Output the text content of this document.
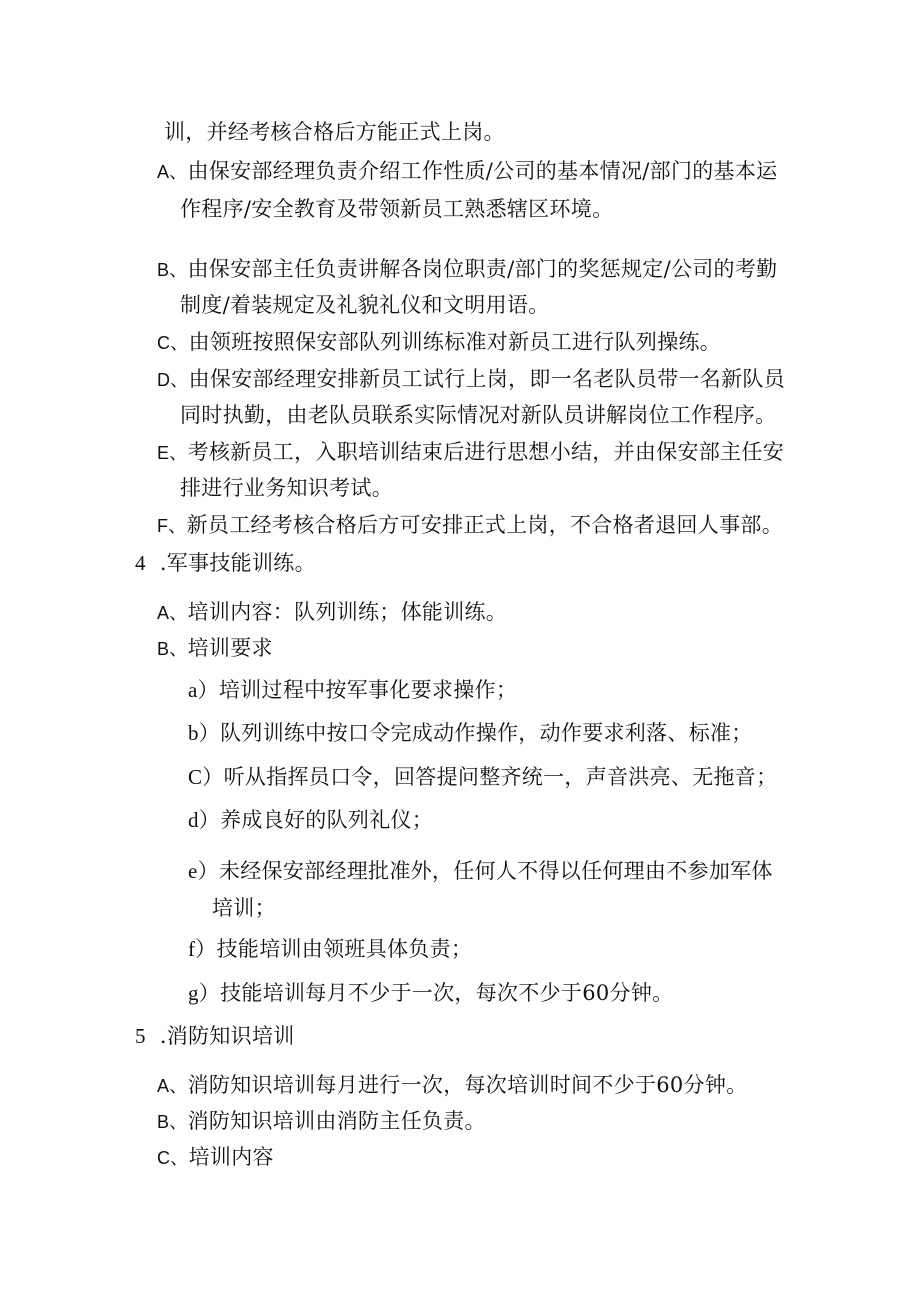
训，并经考核合格后方能正式上岗。
A、由保安部经理负责介绍工作性质/公司的基本情况/部门的基本运
作程序/安全教育及带领新员工熟悉辖区环境。
B、由保安部主任负责讲解各岗位职责/部门的奖惩规定/公司的考勤
制度/着装规定及礼貌礼仪和文明用语。
C、由领班按照保安部队列训练标准对新员工进行队列操练。
D、由保安部经理安排新员工试行上岗，即一名老队员带一名新队员
同时执勤，由老队员联系实际情况对新队员讲解岗位工作程序。
E、考核新员工，入职培训结束后进行思想小结，并由保安部主任安
排进行业务知识考试。
F、新员工经考核合格后方可安排正式上岗，不合格者退回人事部。
4 .军事技能训练。
A、培训内容：队列训练；体能训练。
B、培训要求
a）培训过程中按军事化要求操作；
b）队列训练中按口令完成动作操作，动作要求利落、标准；
C）听从指挥员口令，回答提问整齐统一，声音洪亮、无拖音；
d）养成良好的队列礼仪；
e）未经保安部经理批准外，任何人不得以任何理由不参加军体
培训；
f）技能培训由领班具体负责；
g）技能培训每月不少于一次，每次不少于60分钟。
5 .消防知识培训
A、消防知识培训每月进行一次，每次培训时间不少于60分钟。
B、消防知识培训由消防主任负责。
C、培训内容
